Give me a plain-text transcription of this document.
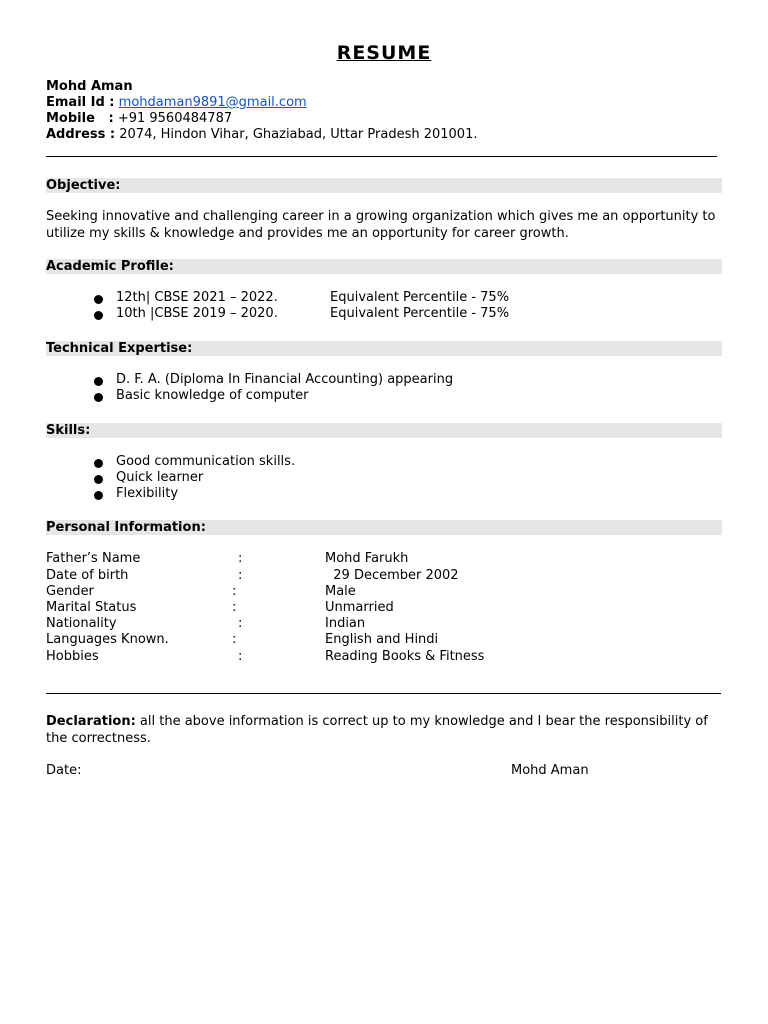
RESUME
Mohd Aman
Email Id : mohdaman9891@gmail.com
Mobile   : +91 9560484787
Address : 2074, Hindon Vihar, Ghaziabad, Uttar Pradesh 201001.
Objective:
Seeking innovative and challenging career in a growing organization which gives me an opportunity to utilize my skills & knowledge and provides me an opportunity for career growth.
Academic Profile:
12th| CBSE 2021 – 2022.	Equivalent Percentile - 75%
10th |CBSE 2019 – 2020.	Equivalent Percentile - 75%
Technical Expertise:
D. F. A. (Diploma In Financial Accounting) appearing
Basic knowledge of computer
Skills:
Good communication skills.
Quick learner
Flexibility
Personal Information:
Father’s Name	:	Mohd Farukh
Date of birth	:	29 December 2002
Gender	:	Male
Marital Status	:	Unmarried
Nationality	:	Indian
Languages Known.	:	English and Hindi
Hobbies	:	Reading Books & Fitness
Declaration: all the above information is correct up to my knowledge and I bear the responsibility of the correctness.
Date:	Mohd Aman
